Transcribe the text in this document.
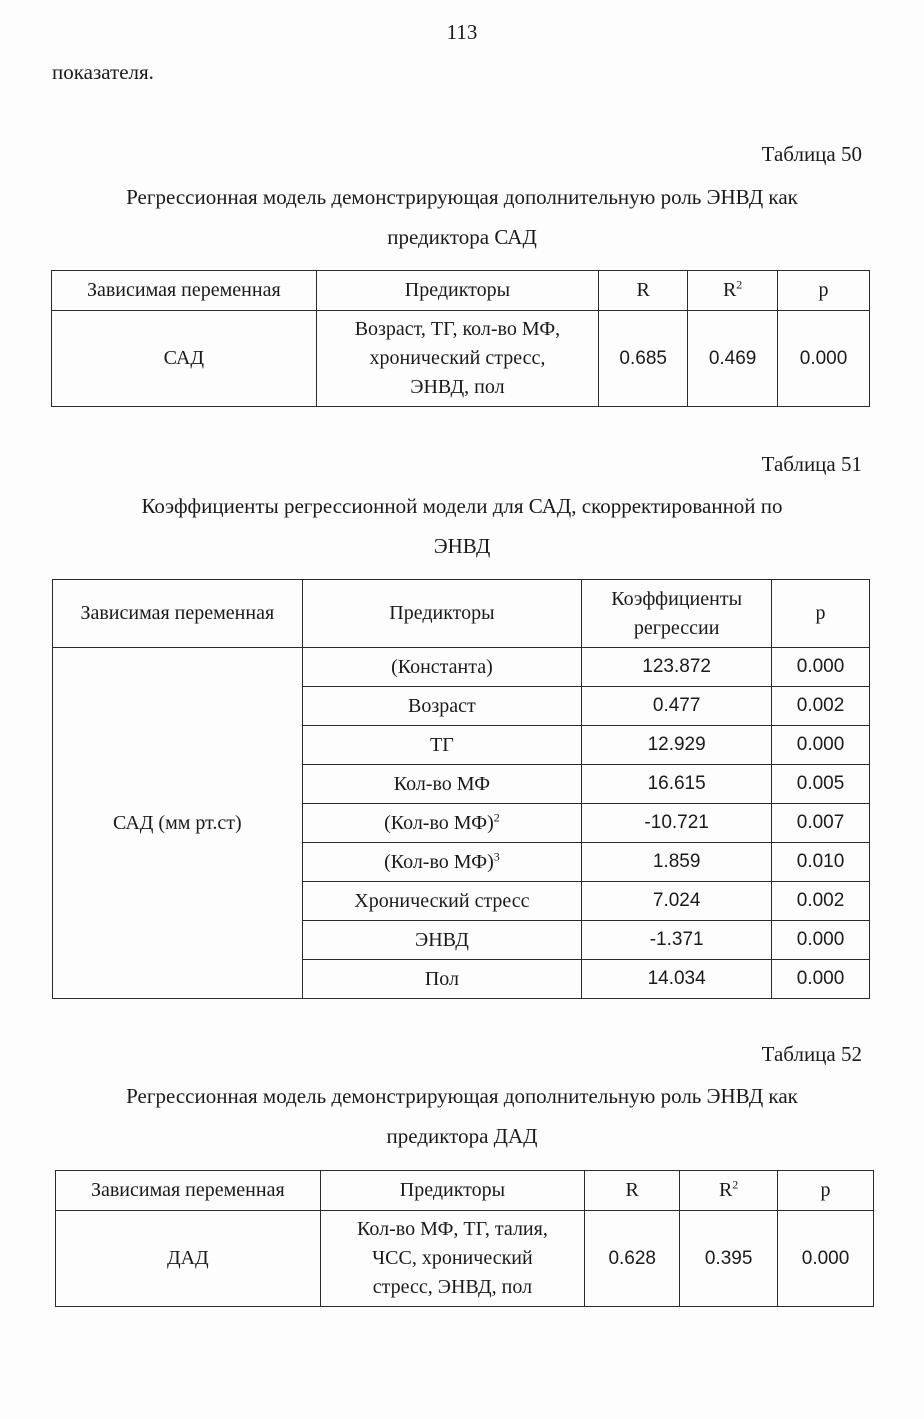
113
показателя.
Таблица 50
Регрессионная модель демонстрирующая дополнительную роль ЭНВД как
предиктора САД
Зависимая переменная	Предикторы	R	$R^2$	p
САД	Возраст, ТГ, кол-во МФ,
хронический стресс,
ЭНВД, пол	0.685	0.469	0.000
Таблица 51
Коэффициенты регрессионной модели для САД, скорректированной по
ЭНВД
Зависимая переменная	Предикторы	Коэффициенты
регрессии	p
САД (мм рт.ст)	(Константа)	123.872	0.000
	Возраст	0.477	0.002
	ТГ	12.929	0.000
	Кол-во МФ	16.615	0.005
	(Кол-во МФ)$^2$	-10.721	0.007
	(Кол-во МФ)$^3$	1.859	0.010
	Хронический стресс	7.024	0.002
	ЭНВД	-1.371	0.000
	Пол	14.034	0.000
Таблица 52
Регрессионная модель демонстрирующая дополнительную роль ЭНВД как
предиктора ДАД
Зависимая переменная	Предикторы	R	$R^2$	p
ДАД	Кол-во МФ, ТГ, талия,
ЧСС, хронический
стресс, ЭНВД, пол	0.628	0.395	0.000
